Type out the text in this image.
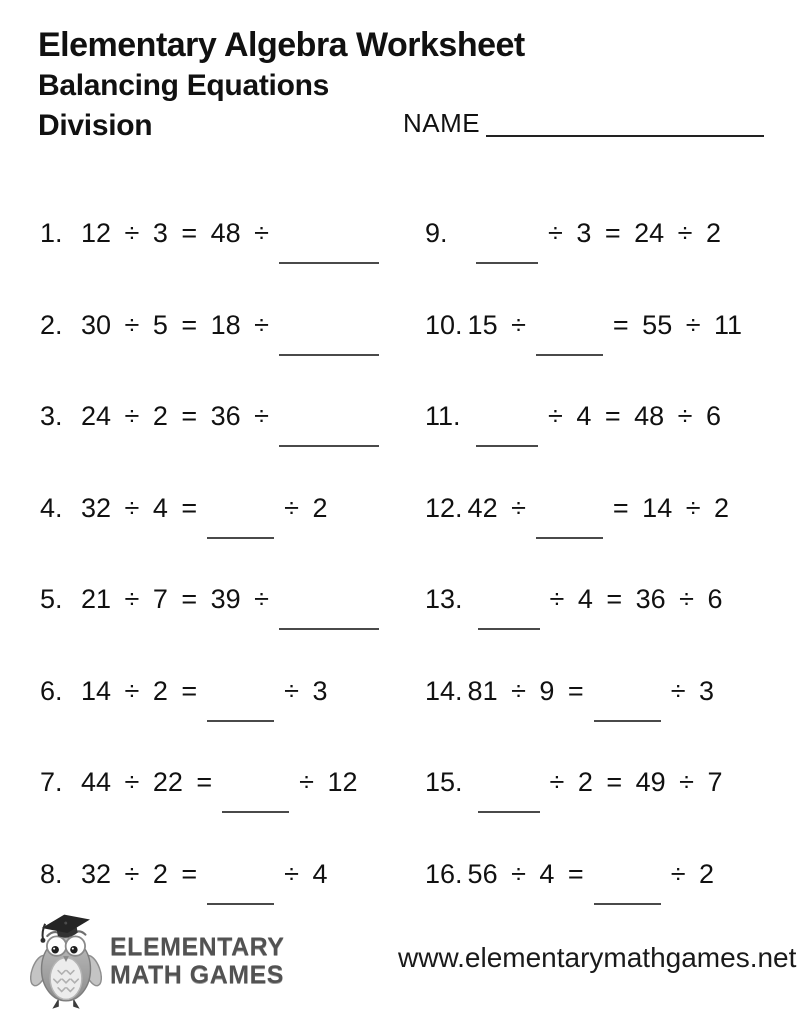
Elementary Algebra Worksheet
Balancing Equations
Division	NAME
1. 12 ÷ 3 = 48 ÷
2. 30 ÷ 5 = 18 ÷
3. 24 ÷ 2 = 36 ÷
4. 32 ÷ 4 =	÷ 2
5. 21 ÷ 7 = 39 ÷
6. 14 ÷ 2 =	÷ 3
7. 44 ÷ 22 =	÷ 12
8. 32 ÷ 2 =	÷ 4
9.	÷ 3 = 24 ÷ 2
10. 15 ÷	= 55 ÷ 11
11.	÷ 4 = 48 ÷ 6
12. 42 ÷	= 14 ÷ 2
13.	÷ 4 = 36 ÷ 6
14. 81 ÷ 9 =	÷ 3
15.	÷ 2 = 49 ÷ 7
16. 56 ÷ 4 =	÷ 2
ELEMENTARY
MATH GAMES
www.elementarymathgames.net
